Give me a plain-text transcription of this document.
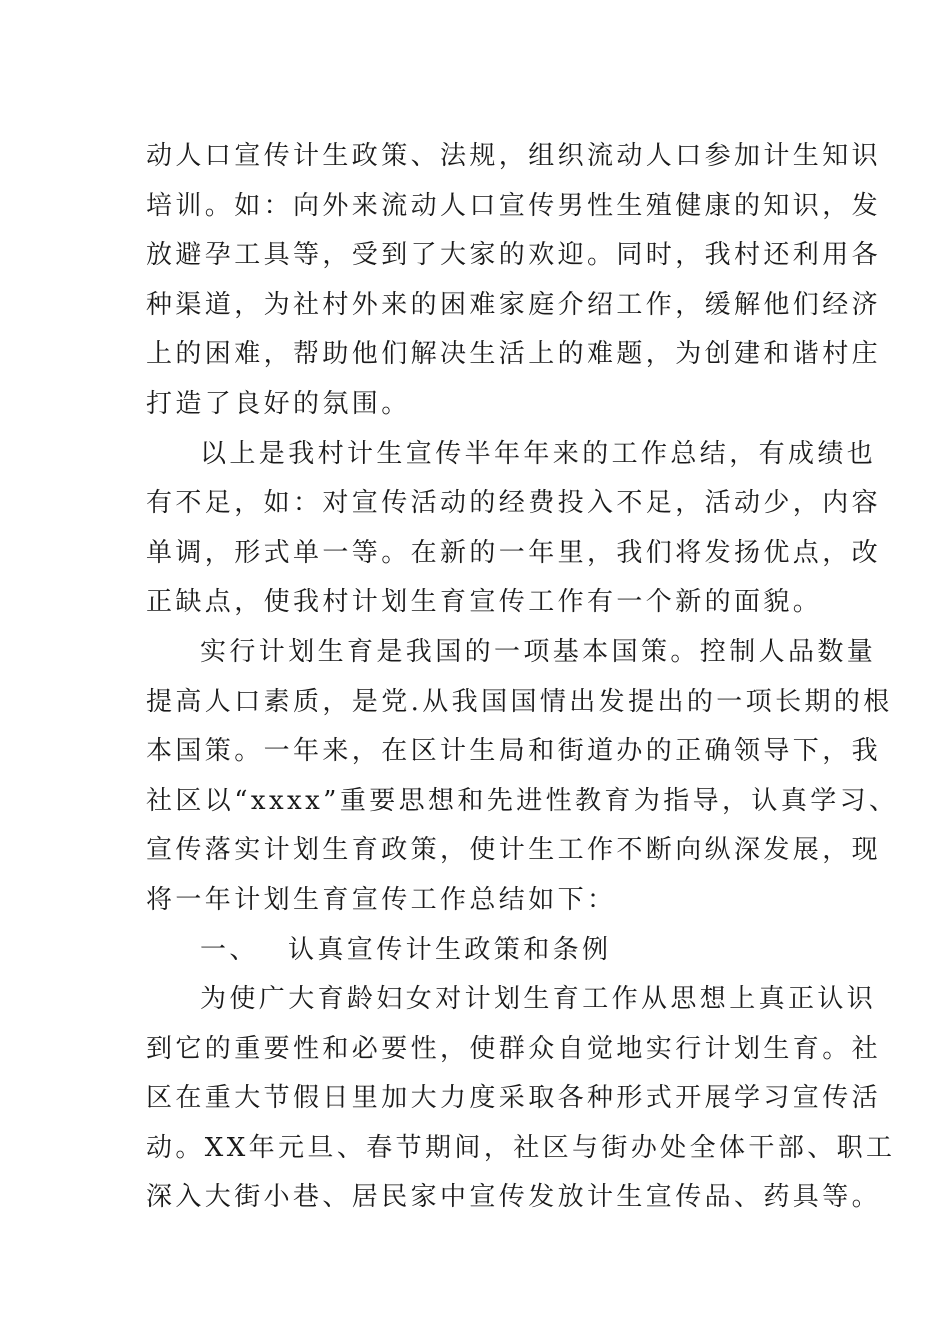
动人口宣传计生政策、法规，组织流动人口参加计生知识
培训。如：向外来流动人口宣传男性生殖健康的知识，发
放避孕工具等，受到了大家的欢迎。同时，我村还利用各
种渠道，为社村外来的困难家庭介绍工作，缓解他们经济
上的困难，帮助他们解决生活上的难题，为创建和谐村庄
打造了良好的氛围。
以上是我村计生宣传半年年来的工作总结，有成绩也
有不足，如：对宣传活动的经费投入不足，活动少，内容
单调，形式单一等。在新的一年里，我们将发扬优点，改
正缺点，使我村计划生育宣传工作有一个新的面貌。
实行计划生育是我国的一项基本国策。控制人品数量
提高人口素质，是党.从我国国情出发提出的一项长期的根
本国策。一年来，在区计生局和街道办的正确领导下，我
社区以“xxxx”重要思想和先进性教育为指导，认真学习、
宣传落实计划生育政策，使计生工作不断向纵深发展，现
将一年计划生育宣传工作总结如下：
一、 认真宣传计生政策和条例
为使广大育龄妇女对计划生育工作从思想上真正认识
到它的重要性和必要性，使群众自觉地实行计划生育。社
区在重大节假日里加大力度采取各种形式开展学习宣传活
动。XX年元旦、春节期间，社区与街办处全体干部、职工
深入大街小巷、居民家中宣传发放计生宣传品、药具等。
